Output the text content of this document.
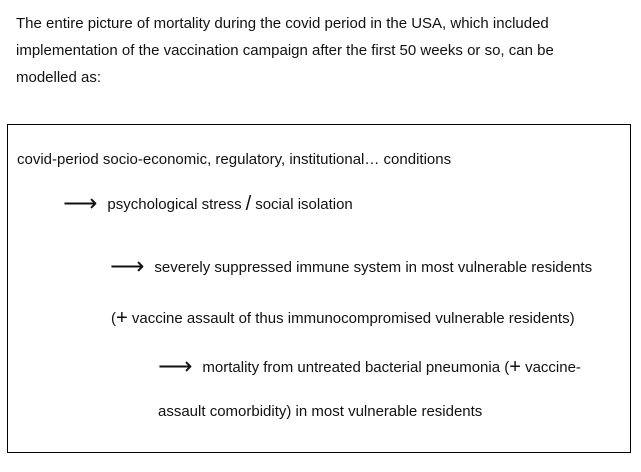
The entire picture of mortality during the covid period in the USA, which included
implementation of the vaccination campaign after the first 50 weeks or so, can be
modelled as:
covid-period socio-economic, regulatory, institutional… conditions
⟶ psychological stress / social isolation
⟶ severely suppressed immune system in most vulnerable residents
(+ vaccine assault of thus immunocompromised vulnerable residents)
⟶ mortality from untreated bacterial pneumonia (+ vaccine-
assault comorbidity) in most vulnerable residents
